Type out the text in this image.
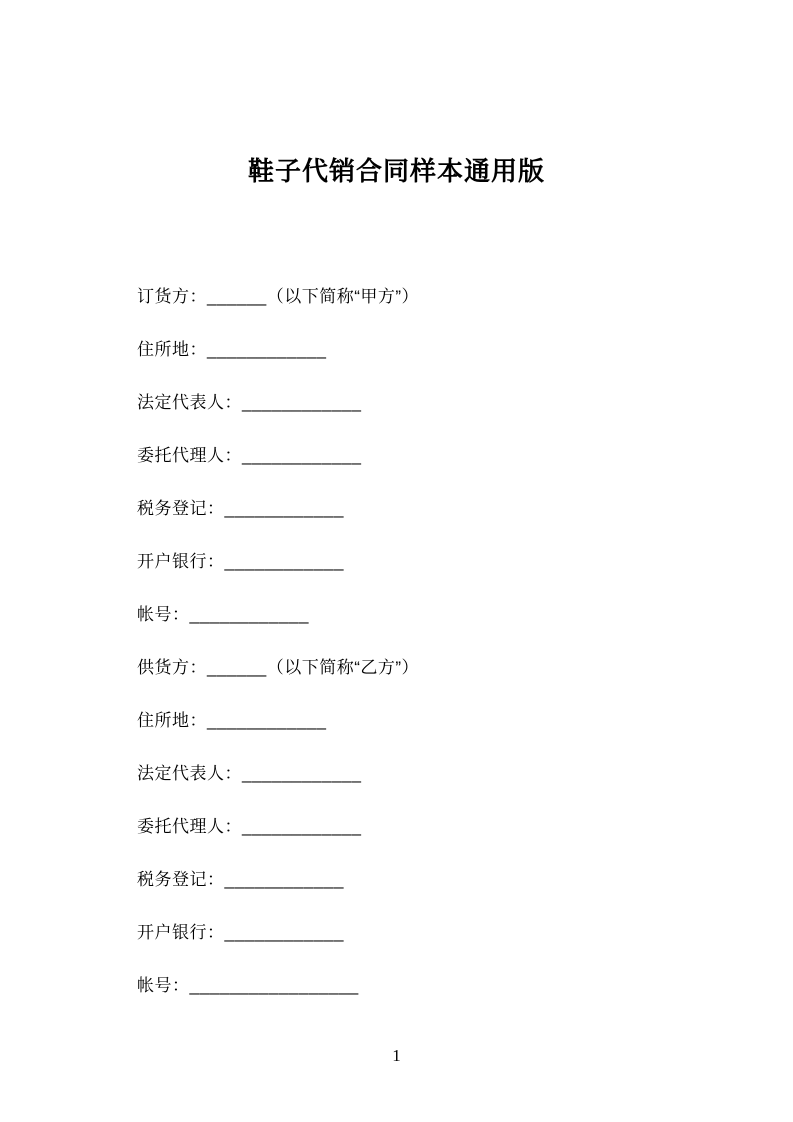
鞋子代销合同样本通用版

订货方：______（以下简称“甲方”）

住所地：____________

法定代表人：____________

委托代理人：____________

税务登记：____________

开户银行：____________

帐号：____________

供货方：______（以下简称“乙方”）

住所地：____________

法定代表人：____________

委托代理人：____________

税务登记：____________

开户银行：____________

帐号：_________________

1
